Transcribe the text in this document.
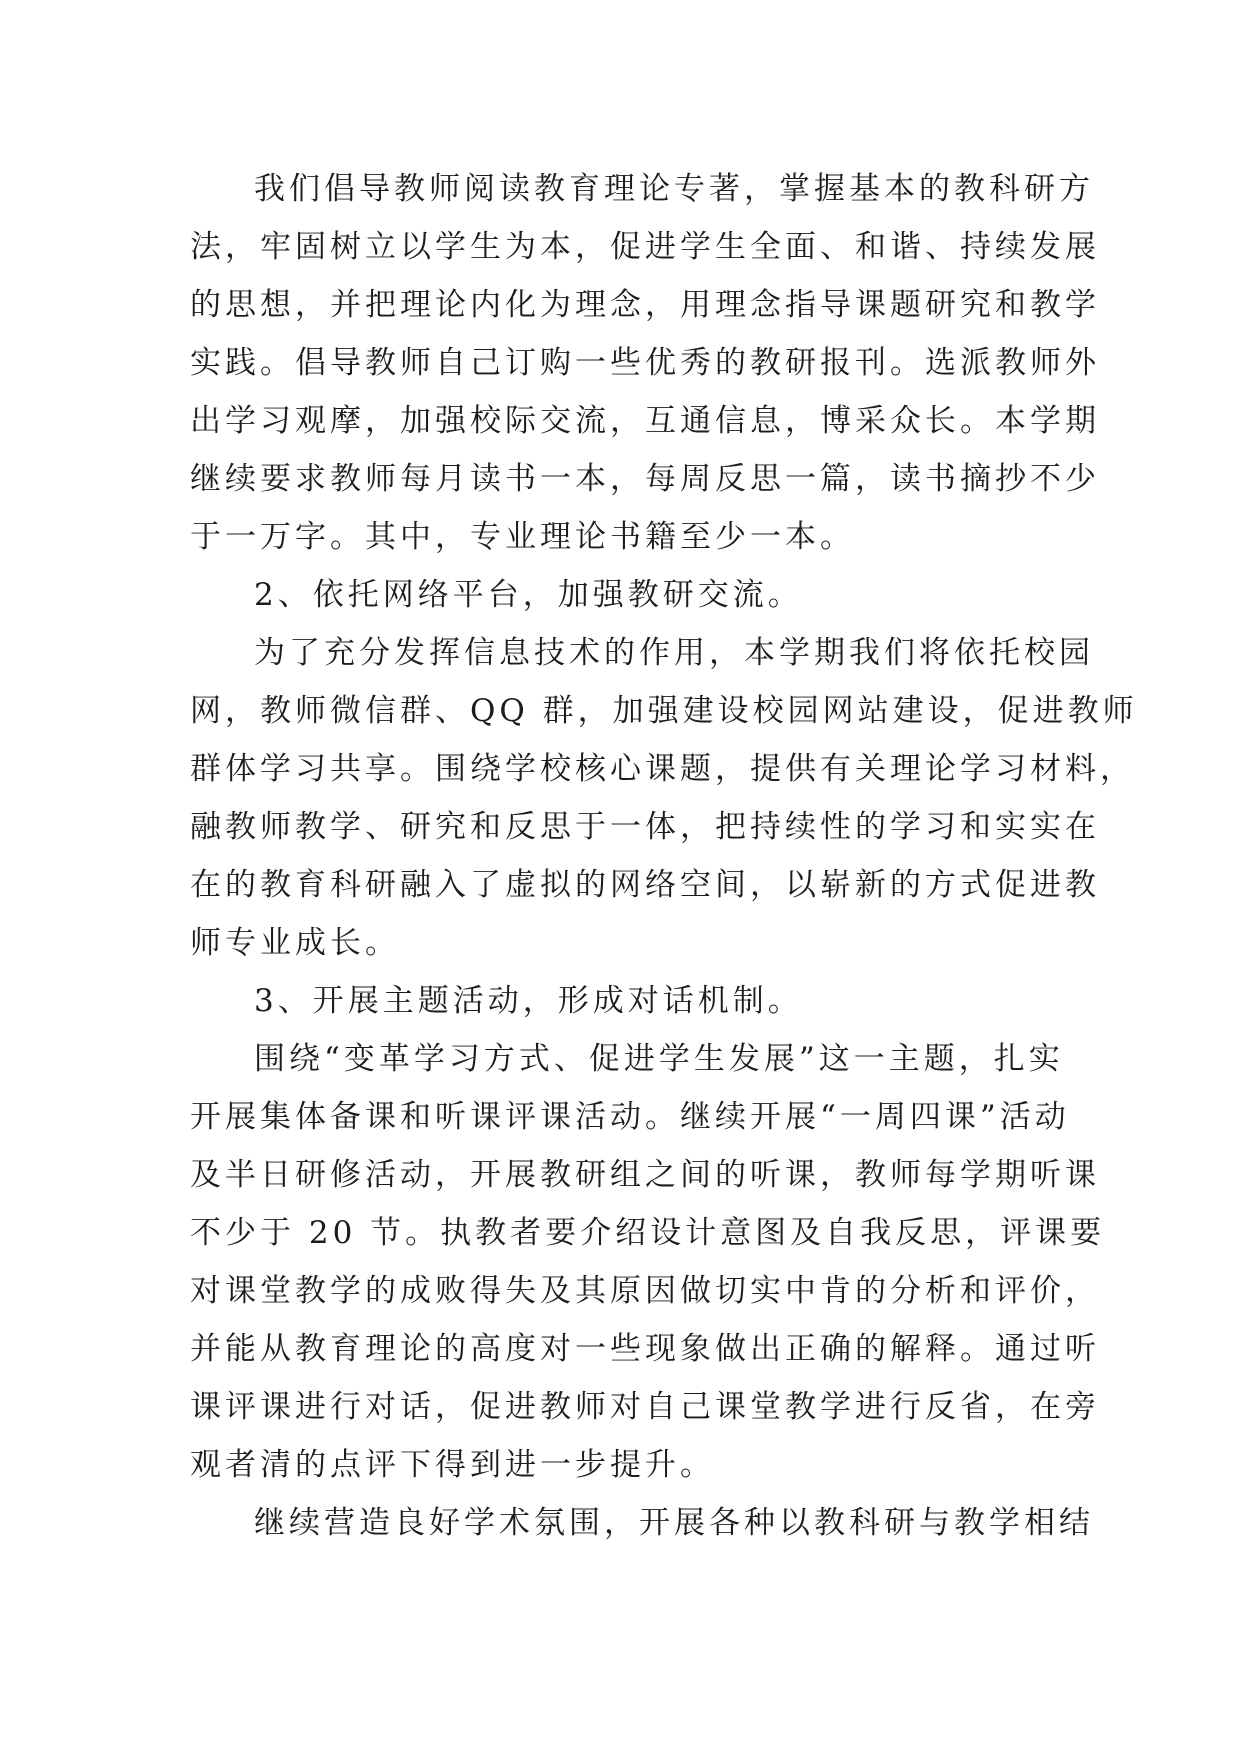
我们倡导教师阅读教育理论专著，掌握基本的教科研方
法，牢固树立以学生为本，促进学生全面、和谐、持续发展
的思想，并把理论内化为理念，用理念指导课题研究和教学
实践。倡导教师自己订购一些优秀的教研报刊。选派教师外
出学习观摩，加强校际交流，互通信息，博采众长。本学期
继续要求教师每月读书一本，每周反思一篇，读书摘抄不少
于一万字。其中，专业理论书籍至少一本。
2、依托网络平台，加强教研交流。
为了充分发挥信息技术的作用，本学期我们将依托校园
网，教师微信群、QQ 群，加强建设校园网站建设，促进教师
群体学习共享。围绕学校核心课题，提供有关理论学习材料，
融教师教学、研究和反思于一体，把持续性的学习和实实在
在的教育科研融入了虚拟的网络空间，以崭新的方式促进教
师专业成长。
3、开展主题活动，形成对话机制。
围绕“变革学习方式、促进学生发展”这一主题，扎实
开展集体备课和听课评课活动。继续开展“一周四课”活动
及半日研修活动，开展教研组之间的听课，教师每学期听课
不少于 20 节。执教者要介绍设计意图及自我反思，评课要
对课堂教学的成败得失及其原因做切实中肯的分析和评价，
并能从教育理论的高度对一些现象做出正确的解释。通过听
课评课进行对话，促进教师对自己课堂教学进行反省，在旁
观者清的点评下得到进一步提升。
继续营造良好学术氛围，开展各种以教科研与教学相结
